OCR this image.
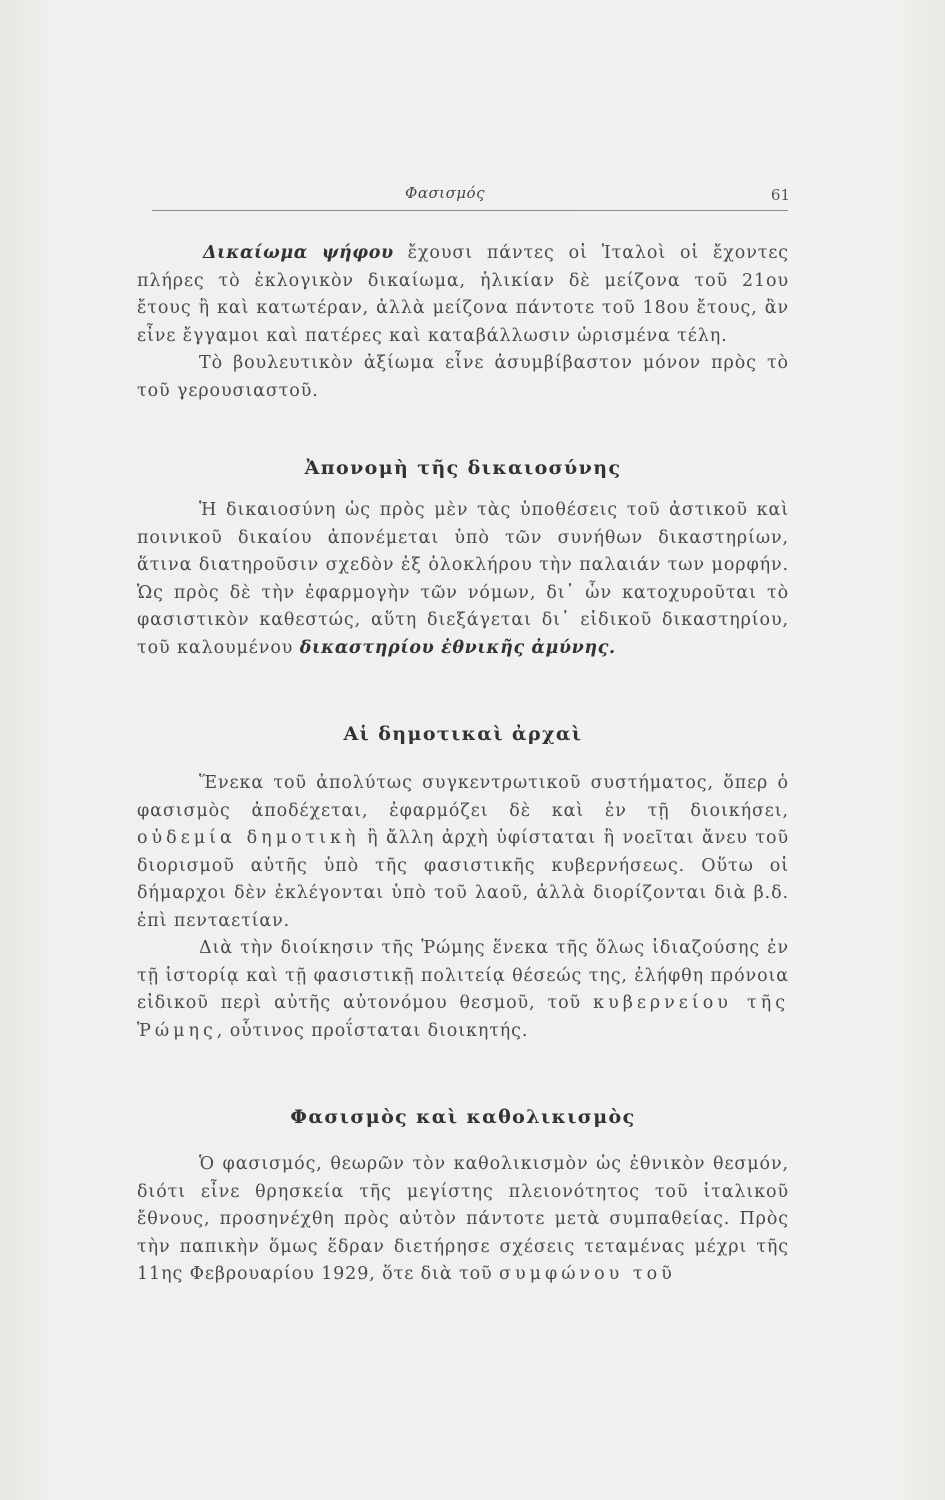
Φασισμός	61

Δικαίωμα ψήφου ἔχουσι πάντες οἱ Ἰταλοὶ οἱ ἔχοντες πλήρες τὸ ἐκλογικὸν δικαίωμα, ἡλικίαν δὲ μείζονα τοῦ 21ου ἔτους ἢ καὶ κατωτέραν, ἀλλὰ μείζονα πάντοτε τοῦ 18ου ἔτους, ἂν εἶνε ἔγγαμοι καὶ πατέρες καὶ καταβάλλωσιν ὡρισμένα τέλη.

Τὸ βουλευτικὸν ἀξίωμα εἶνε ἀσυμβίβαστον μόνον πρὸς τὸ τοῦ γερουσιαστοῦ.

Ἀπονομὴ τῆς δικαιοσύνης

Ἡ δικαιοσύνη ὡς πρὸς μὲν τὰς ὑποθέσεις τοῦ ἀστικοῦ καὶ ποινικοῦ δικαίου ἀπονέμεται ὑπὸ τῶν συνήθων δικαστηρίων, ἅτινα διατηροῦσιν σχεδὸν ἐξ ὁλοκλήρου τὴν παλαιάν των μορφήν. Ὡς πρὸς δὲ τὴν ἐφαρμογὴν τῶν νόμων, δι᾽ ὧν κατοχυροῦται τὸ φασιστικὸν καθεστώς, αὕτη διεξάγεται δι᾽ εἰδικοῦ δικαστηρίου, τοῦ καλουμένου δικαστηρίου ἐθνικῆς ἀμύνης.

Αἱ δημοτικαὶ ἀρχαὶ

Ἕνεκα τοῦ ἀπολύτως συγκεντρωτικοῦ συστήματος, ὅπερ ὁ φασισμὸς ἀποδέχεται, ἐφαρμόζει δὲ καὶ ἐν τῇ διοικήσει, οὐδεμία δημοτικὴ ἢ ἄλλη ἀρχὴ ὑφίσταται ἢ νοεῖται ἄνευ τοῦ διορισμοῦ αὐτῆς ὑπὸ τῆς φασιστικῆς κυβερνήσεως. Οὕτω οἱ δήμαρχοι δὲν ἐκλέγονται ὑπὸ τοῦ λαοῦ, ἀλλὰ διορίζονται διὰ β.δ. ἐπὶ πενταετίαν.

Διὰ τὴν διοίκησιν τῆς Ῥώμης ἕνεκα τῆς ὅλως ἰδιαζούσης ἐν τῇ ἱστορίᾳ καὶ τῇ φασιστικῇ πολιτείᾳ θέσεώς της, ἐλήφθη πρόνοια εἰδικοῦ περὶ αὐτῆς αὐτονόμου θεσμοῦ, τοῦ κυβερνείου τῆς Ῥώμης, οὗτινος προΐσταται διοικητής.

Φασισμὸς καὶ καθολικισμὸς

Ὁ φασισμός, θεωρῶν τὸν καθολικισμὸν ὡς ἐθνικὸν θεσμόν, διότι εἶνε θρησκεία τῆς μεγίστης πλειονότητος τοῦ ἰταλικοῦ ἔθνους, προσηνέχθη πρὸς αὐτὸν πάντοτε μετὰ συμπαθείας. Πρὸς τὴν παπικὴν ὅμως ἕδραν διετήρησε σχέσεις τεταμένας μέχρι τῆς 11ης Φεβρουαρίου 1929, ὅτε διὰ τοῦ συμφώνου τοῦ
